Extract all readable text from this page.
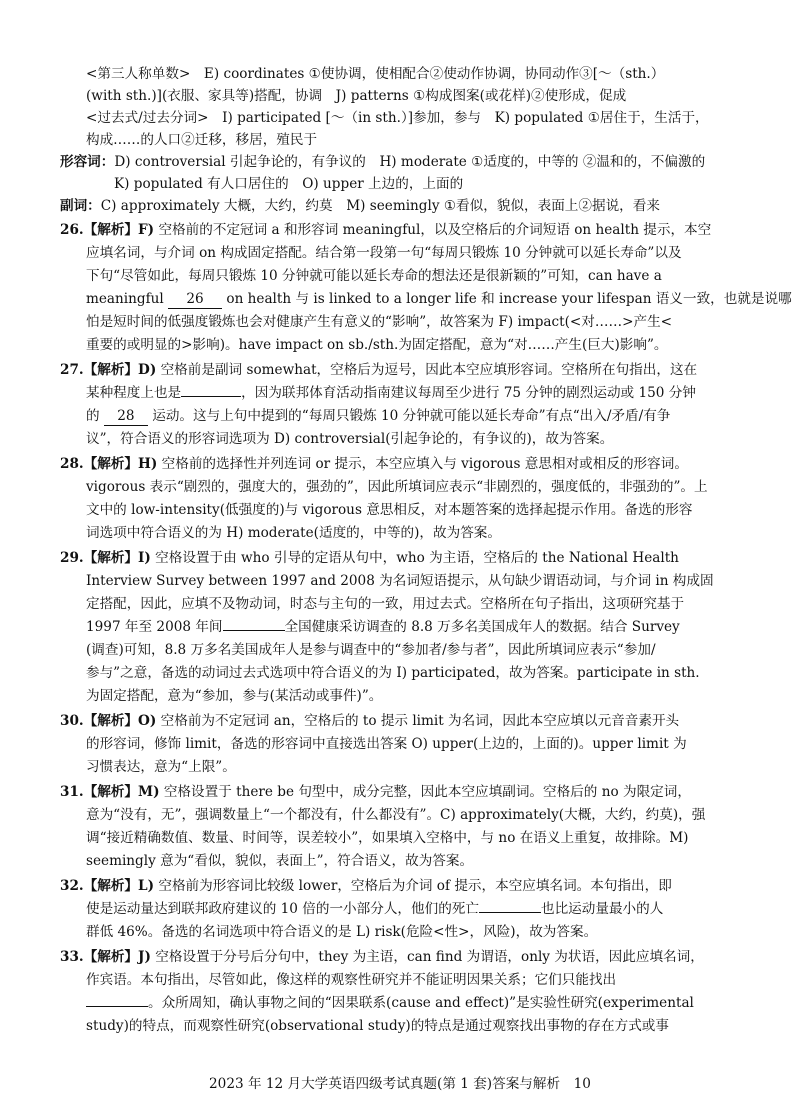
<第三人称单数>　E) coordinates ①使协调，使相配合②使动作协调，协同动作③[～（sth.）
(with sth.)](衣服、家具等)搭配，协调　J) patterns ①构成图案(或花样)②使形成，促成
<过去式/过去分词>　I) participated [～（in sth.）]参加，参与　K) populated ①居住于，生活于，
构成……的人口②迁移，移居，殖民于
形容词：D) controversial 引起争论的，有争议的　H) moderate ①适度的，中等的 ②温和的，不偏激的
K) populated 有人口居住的　O) upper 上边的，上面的
副词：C) approximately 大概，大约，约莫　M) seemingly ①看似，貌似，表面上②据说，看来
26.【解析】F) 空格前的不定冠词 a 和形容词 meaningful，以及空格后的介词短语 on health 提示，本空
应填名词，与介词 on 构成固定搭配。结合第一段第一句“每周只锻炼 10 分钟就可以延长寿命”以及
下句“尽管如此，每周只锻炼 10 分钟就可能以延长寿命的想法还是很新颖的”可知，can have a
meaningful 26 on health 与 is linked to a longer life 和 increase your lifespan 语义一致，也就是说哪
怕是短时间的低强度锻炼也会对健康产生有意义的“影响”，故答案为 F) impact(<对……>产生<
重要的或明显的>影响)。have impact on sb./sth.为固定搭配，意为“对……产生(巨大)影响”。
27.【解析】D) 空格前是副词 somewhat，空格后为逗号，因此本空应填形容词。空格所在句指出，这在
某种程度上也是	，因为联邦体育活动指南建议每周至少进行 75 分钟的剧烈运动或 150 分钟
的 28 运动。这与上句中提到的“每周只锻炼 10 分钟就可能以延长寿命”有点“出入/矛盾/有争
议”，符合语义的形容词选项为 D) controversial(引起争论的，有争议的)，故为答案。
28.【解析】H) 空格前的选择性并列连词 or 提示，本空应填入与 vigorous 意思相对或相反的形容词。
vigorous 表示“剧烈的，强度大的，强劲的”，因此所填词应表示“非剧烈的，强度低的，非强劲的”。上
文中的 low-intensity(低强度的)与 vigorous 意思相反，对本题答案的选择起提示作用。备选的形容
词选项中符合语义的为 H) moderate(适度的，中等的)，故为答案。
29.【解析】I) 空格设置于由 who 引导的定语从句中，who 为主语，空格后的 the National Health
Interview Survey between 1997 and 2008 为名词短语提示，从句缺少谓语动词，与介词 in 构成固
定搭配，因此，应填不及物动词，时态与主句的一致，用过去式。空格所在句子指出，这项研究基于
1997 年至 2008 年间	全国健康采访调查的 8.8 万多名美国成年人的数据。结合 Survey
(调查)可知，8.8 万多名美国成年人是参与调查中的“参加者/参与者”，因此所填词应表示“参加/
参与”之意，备选的动词过去式选项中符合语义的为 I) participated，故为答案。participate in sth.
为固定搭配，意为“参加，参与(某活动或事件)”。
30.【解析】O) 空格前为不定冠词 an，空格后的 to 提示 limit 为名词，因此本空应填以元音音素开头
的形容词，修饰 limit，备选的形容词中直接选出答案 O) upper(上边的，上面的)。upper limit 为
习惯表达，意为“上限”。
31.【解析】M) 空格设置于 there be 句型中，成分完整，因此本空应填副词。空格后的 no 为限定词，
意为“没有，无”，强调数量上“一个都没有，什么都没有”。C) approximately(大概，大约，约莫)，强
调“接近精确数值、数量、时间等，误差较小”，如果填入空格中，与 no 在语义上重复，故排除。M)
seemingly 意为“看似，貌似，表面上”，符合语义，故为答案。
32.【解析】L) 空格前为形容词比较级 lower，空格后为介词 of 提示，本空应填名词。本句指出，即
使是运动量达到联邦政府建议的 10 倍的一小部分人，他们的死亡	也比运动量最小的人
群低 46%。备选的名词选项中符合语义的是 L) risk(危险<性>，风险)，故为答案。
33.【解析】J) 空格设置于分号后分句中，they 为主语，can find 为谓语，only 为状语，因此应填名词，
作宾语。本句指出，尽管如此，像这样的观察性研究并不能证明因果关系；它们只能找出
。众所周知，确认事物之间的“因果联系(cause and effect)”是实验性研究(experimental
study)的特点，而观察性研究(observational study)的特点是通过观察找出事物的存在方式或事
2023 年 12 月大学英语四级考试真题(第 1 套)答案与解析　10
